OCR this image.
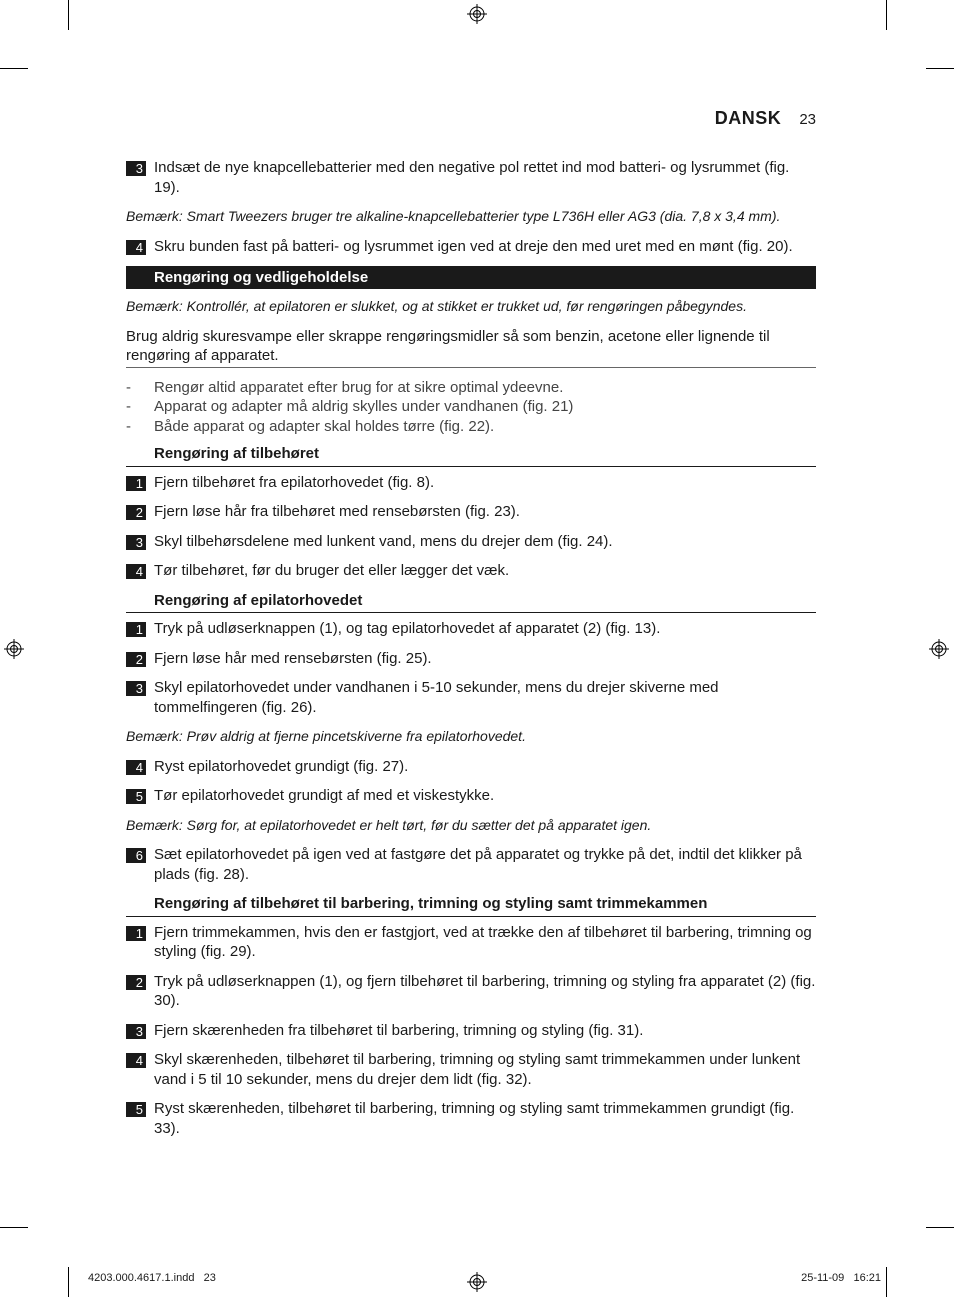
DANSK 23
3 Indsæt de nye knapcellebatterier med den negative pol rettet ind mod batteri- og lysrummet (fig. 19).
Bemærk: Smart Tweezers bruger tre alkaline-knapcellebatterier type L736H eller AG3 (dia. 7,8 x 3,4 mm).
4 Skru bunden fast på batteri- og lysrummet igen ved at dreje den med uret med en mønt (fig. 20).
Rengøring og vedligeholdelse
Bemærk: Kontrollér, at epilatoren er slukket, og at stikket er trukket ud, før rengøringen påbegyndes.
Brug aldrig skuresvampe eller skrappe rengøringsmidler så som benzin, acetone eller lignende til rengøring af apparatet.
- Rengør altid apparatet efter brug for at sikre optimal ydeevne.
- Apparat og adapter må aldrig skylles under vandhanen (fig. 21)
- Både apparat og adapter skal holdes tørre (fig. 22).
Rengøring af tilbehøret
1 Fjern tilbehøret fra epilatorhovedet (fig. 8).
2 Fjern løse hår fra tilbehøret med rensebørsten (fig. 23).
3 Skyl tilbehørsdelene med lunkent vand, mens du drejer dem (fig. 24).
4 Tør tilbehøret, før du bruger det eller lægger det væk.
Rengøring af epilatorhovedet
1 Tryk på udløserknappen (1), og tag epilatorhovedet af apparatet (2) (fig. 13).
2 Fjern løse hår med rensebørsten (fig. 25).
3 Skyl epilatorhovedet under vandhanen i 5-10 sekunder, mens du drejer skiverne med tommelfingeren (fig. 26).
Bemærk: Prøv aldrig at fjerne pincetskiverne fra epilatorhovedet.
4 Ryst epilatorhovedet grundigt (fig. 27).
5 Tør epilatorhovedet grundigt af med et viskestykke.
Bemærk: Sørg for, at epilatorhovedet er helt tørt, før du sætter det på apparatet igen.
6 Sæt epilatorhovedet på igen ved at fastgøre det på apparatet og trykke på det, indtil det klikker på plads (fig. 28).
Rengøring af tilbehøret til barbering, trimning og styling samt trimmekammen
1 Fjern trimmekammen, hvis den er fastgjort, ved at trække den af tilbehøret til barbering, trimning og styling (fig. 29).
2 Tryk på udløserknappen (1), og fjern tilbehøret til barbering, trimning og styling fra apparatet (2) (fig. 30).
3 Fjern skærenheden fra tilbehøret til barbering, trimning og styling (fig. 31).
4 Skyl skærenheden, tilbehøret til barbering, trimning og styling samt trimmekammen under lunkent vand i 5 til 10 sekunder, mens du drejer dem lidt (fig. 32).
5 Ryst skærenheden, tilbehøret til barbering, trimning og styling samt trimmekammen grundigt (fig. 33).
4203.000.4617.1.indd   23	25-11-09   16:21
